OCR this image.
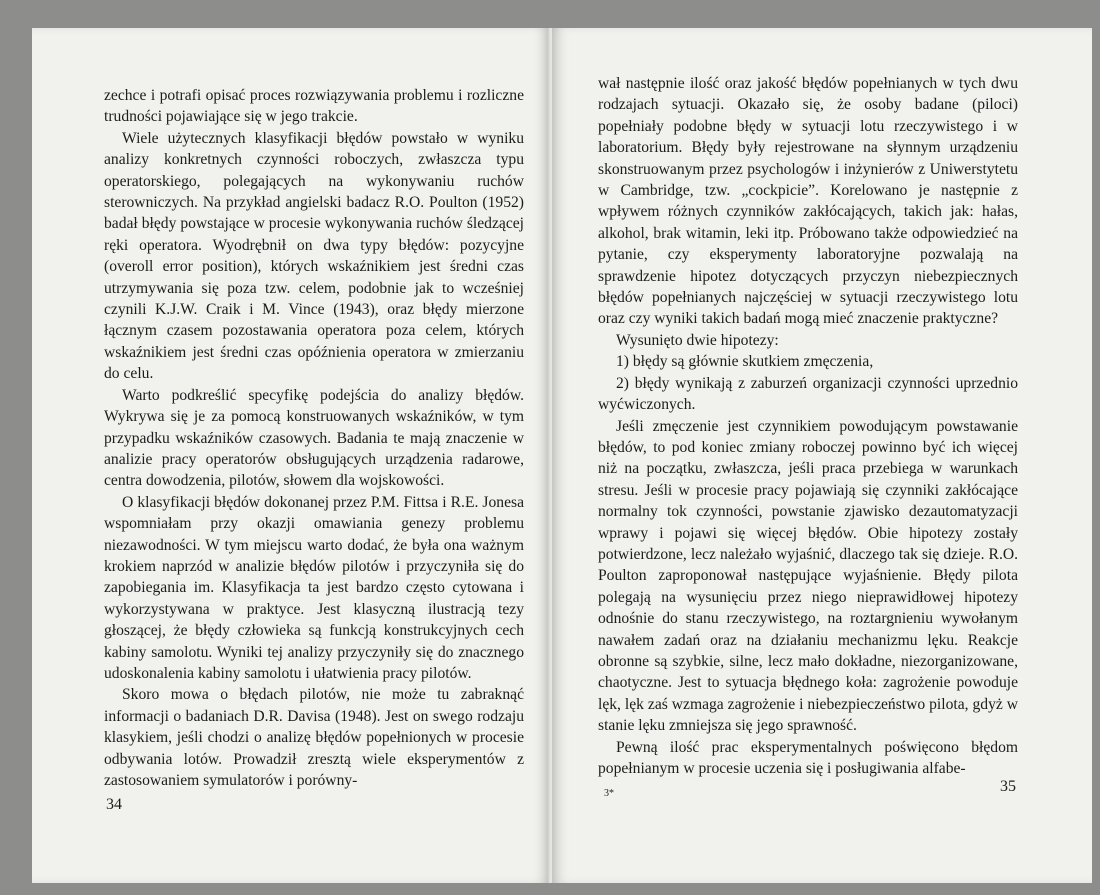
zechce i potrafi opisać proces rozwiązywania problemu i rozliczne trudności pojawiające się w jego trakcie.

Wiele użytecznych klasyfikacji błędów powstało w wyniku analizy konkretnych czynności roboczych, zwłaszcza typu operatorskiego, polegających na wykonywaniu ruchów sterowniczych. Na przykład angielski badacz R.O. Poulton (1952) badał błędy powstające w procesie wykonywania ruchów śledzącej ręki operatora. Wyodrębnił on dwa typy błędów: pozycyjne (overoll error position), których wskaźnikiem jest średni czas utrzymywania się poza tzw. celem, podobnie jak to wcześniej czynili K.J.W. Craik i M. Vince (1943), oraz błędy mierzone łącznym czasem pozostawania operatora poza celem, których wskaźnikiem jest średni czas opóźnienia operatora w zmierzaniu do celu.

Warto podkreślić specyfikę podejścia do analizy błędów. Wykrywa się je za pomocą konstruowanych wskaźników, w tym przypadku wskaźników czasowych. Badania te mają znaczenie w analizie pracy operatorów obsługujących urządzenia radarowe, centra dowodzenia, pilotów, słowem dla wojskowości.

O klasyfikacji błędów dokonanej przez P.M. Fittsa i R.E. Jonesa wspomniałam przy okazji omawiania genezy problemu niezawodności. W tym miejscu warto dodać, że była ona ważnym krokiem naprzód w analizie błędów pilotów i przyczyniła się do zapobiegania im. Klasyfikacja ta jest bardzo często cytowana i wykorzystywana w praktyce. Jest klasyczną ilustracją tezy głoszącej, że błędy człowieka są funkcją konstrukcyjnych cech kabiny samolotu. Wyniki tej analizy przyczyniły się do znacznego udoskonalenia kabiny samolotu i ułatwienia pracy pilotów.

Skoro mowa o błędach pilotów, nie może tu zabraknąć informacji o badaniach D.R. Davisa (1948). Jest on swego rodzaju klasykiem, jeśli chodzi o analizę błędów popełnionych w procesie odbywania lotów. Prowadził zresztą wiele eksperymentów z zastosowaniem symulatorów i porówny-

34

wał następnie ilość oraz jakość błędów popełnianych w tych dwu rodzajach sytuacji. Okazało się, że osoby badane (piloci) popełniały podobne błędy w sytuacji lotu rzeczywistego i w laboratorium. Błędy były rejestrowane na słynnym urządzeniu skonstruowanym przez psychologów i inżynierów z Uniwerstytetu w Cambridge, tzw. „cockpicie”. Korelowano je następnie z wpływem różnych czynników zakłócających, takich jak: hałas, alkohol, brak witamin, leki itp. Próbowano także odpowiedzieć na pytanie, czy eksperymenty laboratoryjne pozwalają na sprawdzenie hipotez dotyczących przyczyn niebezpiecznych błędów popełnianych najczęściej w sytuacji rzeczywistego lotu oraz czy wyniki takich badań mogą mieć znaczenie praktyczne?

Wysunięto dwie hipotezy:

1) błędy są głównie skutkiem zmęczenia,

2) błędy wynikają z zaburzeń organizacji czynności uprzednio wyćwiczonych.

Jeśli zmęczenie jest czynnikiem powodującym powstawanie błędów, to pod koniec zmiany roboczej powinno być ich więcej niż na początku, zwłaszcza, jeśli praca przebiega w warunkach stresu. Jeśli w procesie pracy pojawiają się czynniki zakłócające normalny tok czynności, powstanie zjawisko dezautomatyzacji wprawy i pojawi się więcej błędów. Obie hipotezy zostały potwierdzone, lecz należało wyjaśnić, dlaczego tak się dzieje. R.O. Poulton zaproponował następujące wyjaśnienie. Błędy pilota polegają na wysunięciu przez niego nieprawidłowej hipotezy odnośnie do stanu rzeczywistego, na roztargnieniu wywołanym nawałem zadań oraz na działaniu mechanizmu lęku. Reakcje obronne są szybkie, silne, lecz mało dokładne, niezorganizowane, chaotyczne. Jest to sytuacja błędnego koła: zagrożenie powoduje lęk, lęk zaś wzmaga zagrożenie i niebezpieczeństwo pilota, gdyż w stanie lęku zmniejsza się jego sprawność.

Pewną ilość prac eksperymentalnych poświęcono błędom popełnianym w procesie uczenia się i posługiwania alfabe-

3*	35
